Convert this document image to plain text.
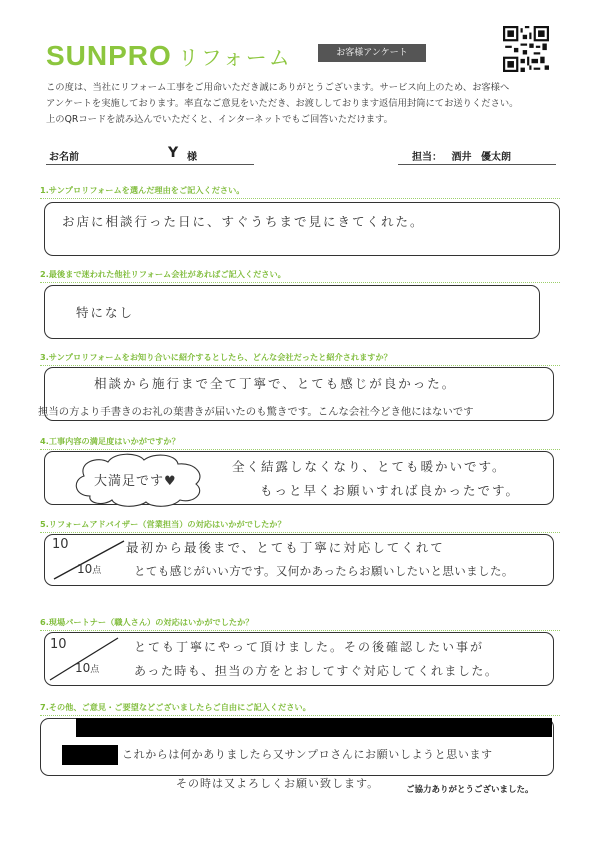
SUNPRO リフォーム	お客様アンケート
この度は、当社にリフォーム工事をご用命いただき誠にありがとうございます。サービス向上のため、お客様へ
アンケートを実施しております。率直なご意見をいただき、お渡ししております返信用封筒にてお送りください。
上のQRコードを読み込んでいただくと、インターネットでもご回答いただけます。
お名前	Y 様	担当： 酒井 優太朗
1.サンプロリフォームを選んだ理由をご記入ください。
お店に相談行った日に、すぐうちまで見にきてくれた。
2.最後まで迷われた他社リフォーム会社があればご記入ください。
特になし
3.サンプロリフォームをお知り合いに紹介するとしたら、どんな会社だったと紹介されますか？
相談から施行まで全て丁寧で、とても感じが良かった。
担当の方より手書きのお礼の葉書きが届いたのも驚きです。こんな会社今どき他にはないです
4.工事内容の満足度はいかがですか？
大満足です♥
全く結露しなくなり、とても暖かいです。
もっと早くお願いすれば良かったです。
5.リフォームアドバイザー（営業担当）の対応はいかがでしたか？
10
10点
最初から最後まで、とても丁寧に対応してくれて
とても感じがいい方です。又何かあったらお願いしたいと思いました。
6.現場パートナー（職人さん）の対応はいかがでしたか？
10
10点
とても丁寧にやって頂けました。その後確認したい事が
あった時も、担当の方をとおしてすぐ対応してくれました。
7.その他、ご意見・ご要望などございましたらご自由にご記入ください。
これからは何かありましたら又サンプロさんにお願いしようと思います
その時は又よろしくお願い致します。	ご協力ありがとうございました。
